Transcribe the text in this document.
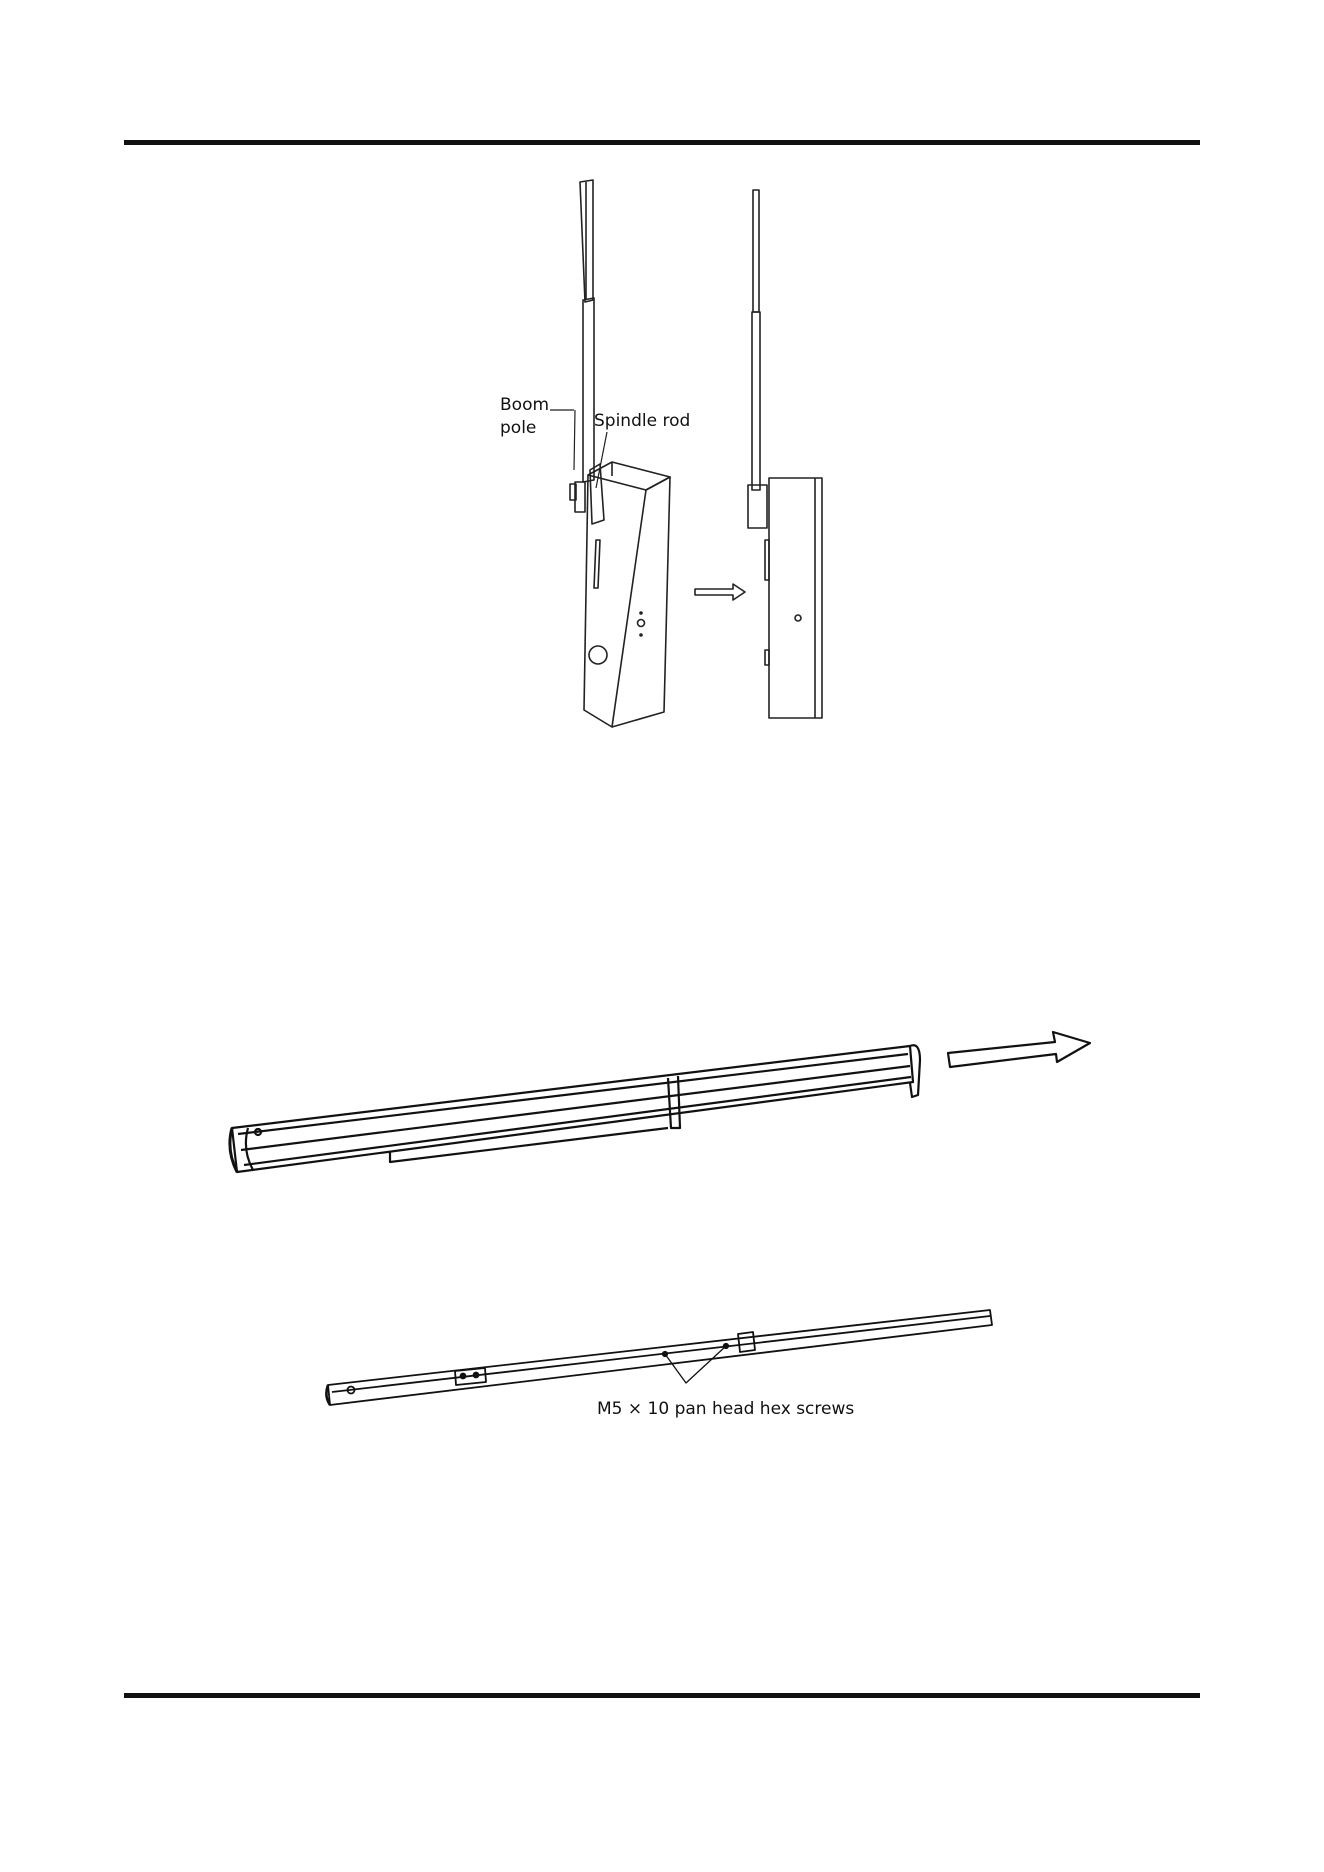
Boom
pole	Spindle rod
M5 × 10 pan head hex screws
